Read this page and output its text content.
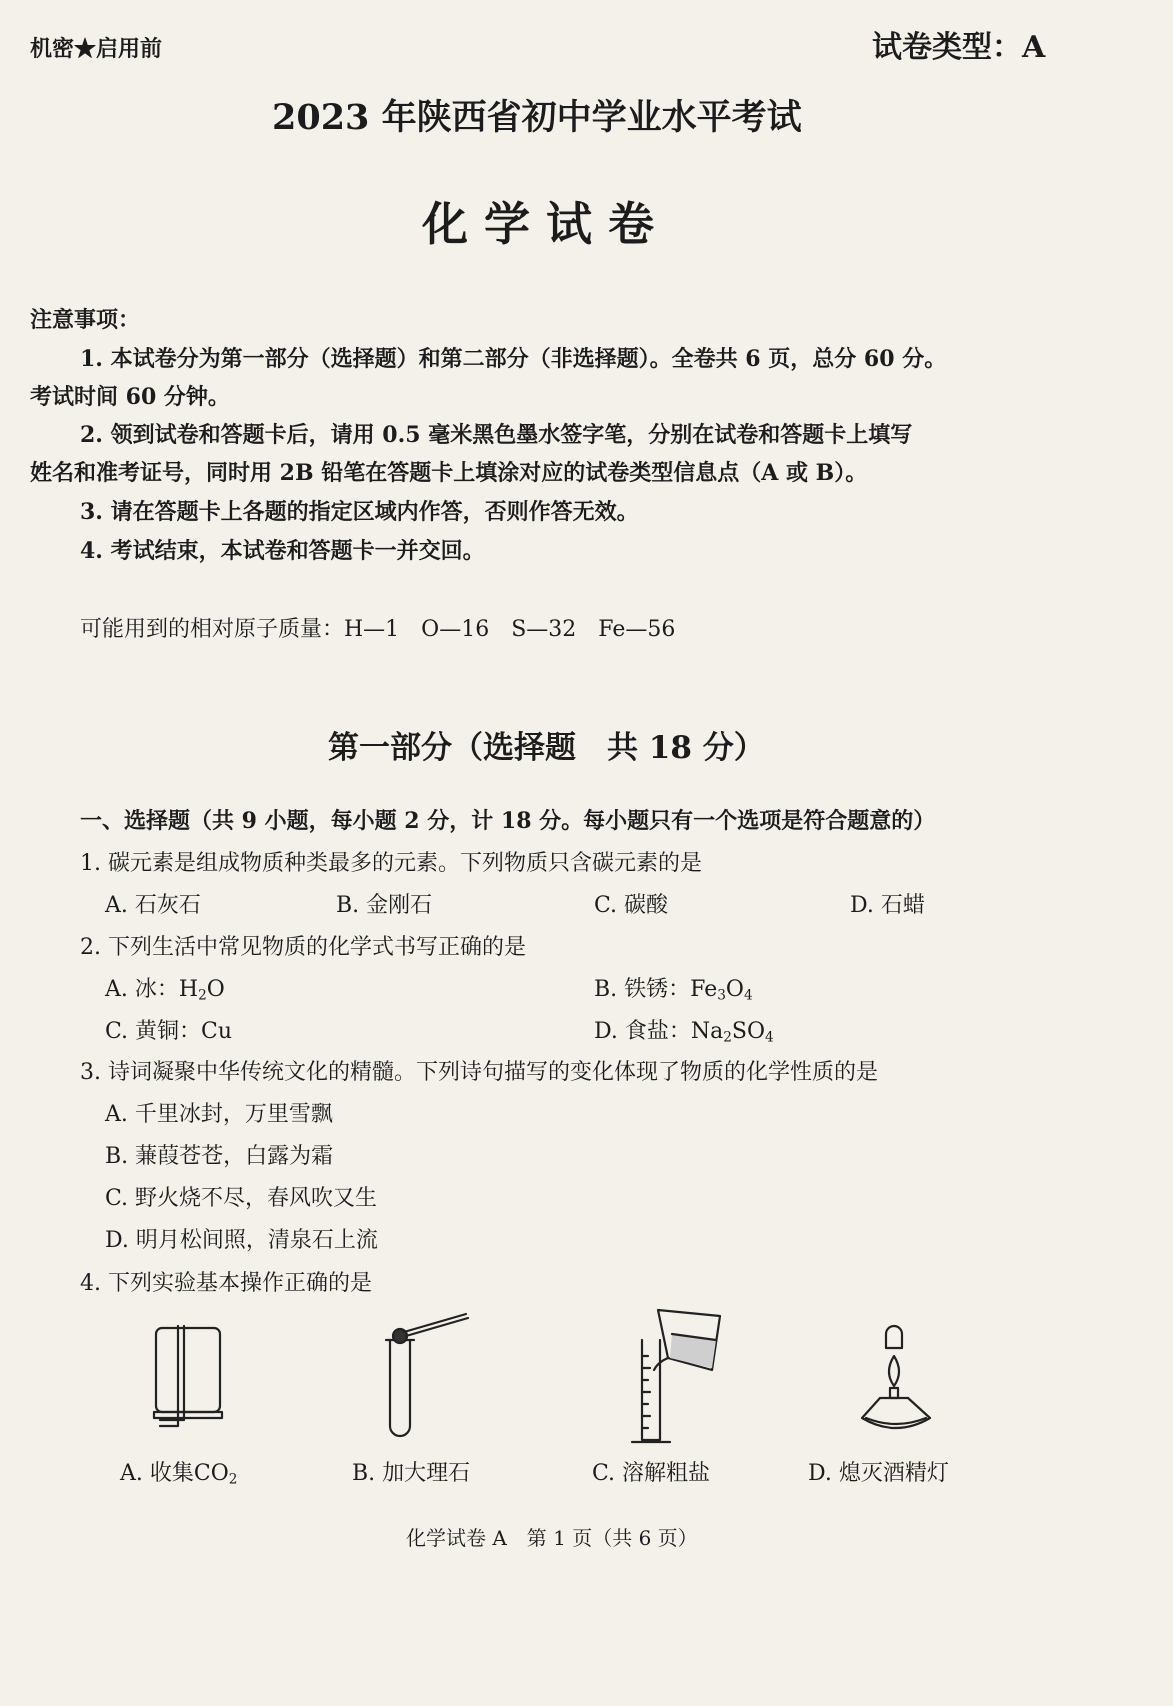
机密★启用前	试卷类型：A
2023 年陕西省初中学业水平考试
化 学 试 卷
注意事项：
1. 本试卷分为第一部分（选择题）和第二部分（非选择题）。全卷共 6 页，总分 60 分。
考试时间 60 分钟。
2. 领到试卷和答题卡后，请用 0.5 毫米黑色墨水签字笔，分别在试卷和答题卡上填写
姓名和准考证号，同时用 2B 铅笔在答题卡上填涂对应的试卷类型信息点（A 或 B）。
3. 请在答题卡上各题的指定区域内作答，否则作答无效。
4. 考试结束，本试卷和答题卡一并交回。
可能用到的相对原子质量：H—1　O—16　S—32　Fe—56
第一部分（选择题　共 18 分）
一、选择题（共 9 小题，每小题 2 分，计 18 分。每小题只有一个选项是符合题意的）
1. 碳元素是组成物质种类最多的元素。下列物质只含碳元素的是
A. 石灰石	B. 金刚石	C. 碳酸	D. 石蜡
2. 下列生活中常见物质的化学式书写正确的是
A. 冰：$H_2O$	B. 铁锈：$Fe_3O_4$
C. 黄铜：Cu	D. 食盐：$Na_2SO_4$
3. 诗词凝聚中华传统文化的精髓。下列诗句描写的变化体现了物质的化学性质的是
A. 千里冰封，万里雪飘
B. 蒹葭苍苍，白露为霜
C. 野火烧不尽，春风吹又生
D. 明月松间照，清泉石上流
4. 下列实验基本操作正确的是
A. 收集$CO_2$	B. 加大理石	C. 溶解粗盐	D. 熄灭酒精灯
化学试卷 A　第 1 页（共 6 页）
